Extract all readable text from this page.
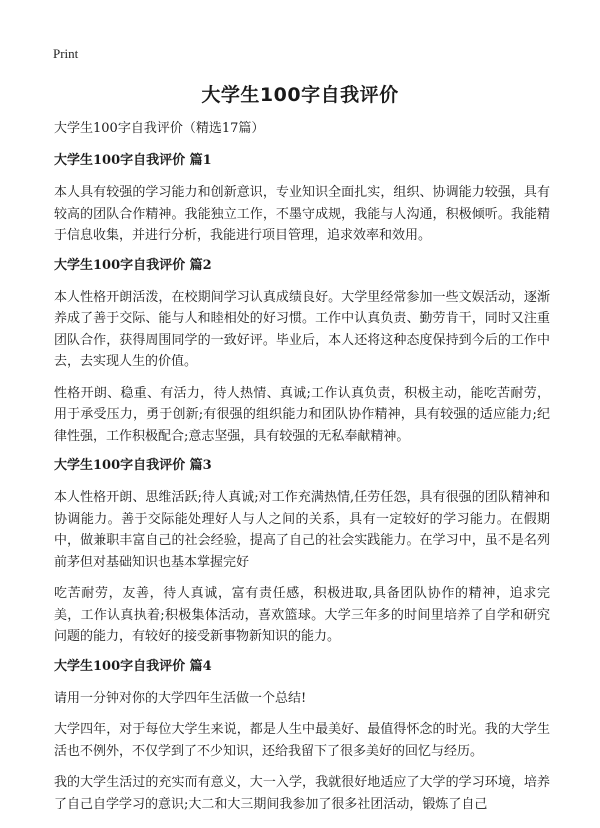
Print
大学生100字自我评价
大学生100字自我评价（精选17篇）
大学生100字自我评价 篇1

本人具有较强的学习能力和创新意识，专业知识全面扎实，组织、协调能力较强，具有较高的团队合作精神。我能独立工作，不墨守成规，我能与人沟通，积极倾听。我能精于信息收集，并进行分析，我能进行项目管理，追求效率和效用。

大学生100字自我评价 篇2

本人性格开朗活泼，在校期间学习认真成绩良好。大学里经常参加一些文娱活动，逐渐养成了善于交际、能与人和睦相处的好习惯。工作中认真负责、勤劳肯干，同时又注重团队合作，获得周围同学的一致好评。毕业后，本人还将这种态度保持到今后的工作中去，去实现人生的价值。

性格开朗、稳重、有活力，待人热情、真诚;工作认真负责，积极主动，能吃苦耐劳，用于承受压力，勇于创新;有很强的组织能力和团队协作精神，具有较强的适应能力;纪律性强，工作积极配合;意志坚强，具有较强的无私奉献精神。

大学生100字自我评价 篇3

本人性格开朗、思维活跃;待人真诚;对工作充满热情,任劳任怨，具有很强的团队精神和协调能力。善于交际能处理好人与人之间的关系，具有一定较好的学习能力。在假期中，做兼职丰富自己的社会经验，提高了自己的社会实践能力。在学习中，虽不是名列前茅但对基础知识也基本掌握完好

吃苦耐劳，友善，待人真诚，富有责任感，积极进取,具备团队协作的精神，追求完美，工作认真执着;积极集体活动，喜欢篮球。大学三年多的时间里培养了自学和研究问题的能力，有较好的接受新事物新知识的能力。

大学生100字自我评价 篇4

请用一分钟对你的大学四年生活做一个总结!

大学四年，对于每位大学生来说，都是人生中最美好、最值得怀念的时光。我的大学生活也不例外，不仅学到了不少知识，还给我留下了很多美好的回忆与经历。

我的大学生活过的充实而有意义，大一入学，我就很好地适应了大学的学习环境，培养了自己自学学习的意识;大二和大三期间我参加了很多社团活动，锻炼了自己
